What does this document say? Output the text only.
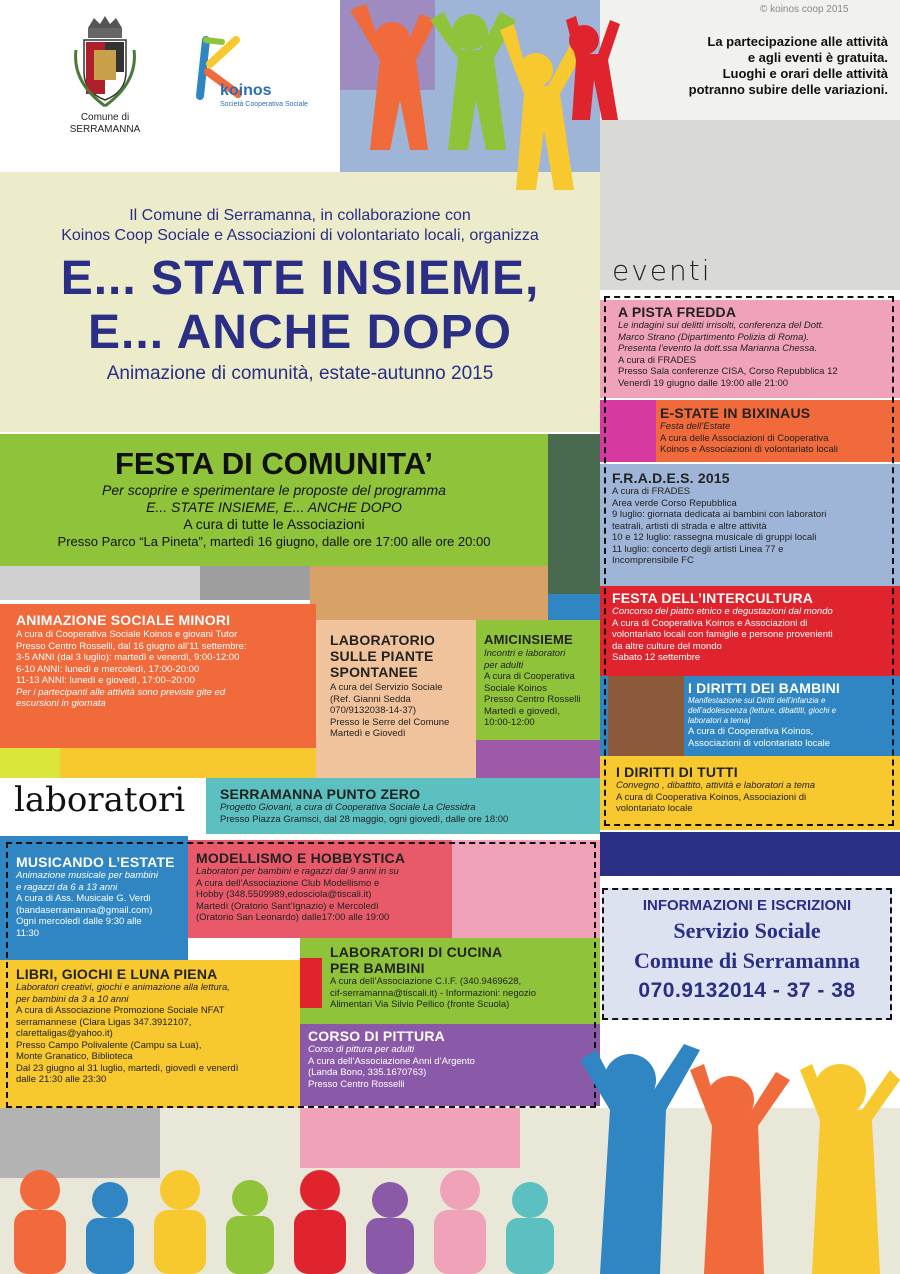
© koinos coop 2015
Comune di
SERRAMANNA
koinos
Società Cooperativa Sociale
La partecipazione alle attività
e agli eventi è gratuita.
Luoghi e orari delle attività
potranno subire delle variazioni.
Il Comune di Serramanna, in collaborazione con
Koinos Coop Sociale e Associazioni di volontariato locali, organizza
E... STATE INSIEME,
E... ANCHE DOPO
Animazione di comunità, estate-autunno 2015
FESTA DI COMUNITA’
Per scoprire e sperimentare le proposte del programma
E... STATE INSIEME, E... ANCHE DOPO
A cura di tutte le Associazioni
Presso Parco “La Pineta”, martedì 16 giugno, dalle ore 17:00 alle ore 20:00
eventi
A PISTA FREDDA
Le indagini sui delitti irrisolti, conferenza del Dott.
Marco Strano (Dipartimento Polizia di Roma).
Presenta l’evento la dott.ssa Marianna Chessa.
A cura di FRADES
Presso Sala conferenze CISA, Corso Repubblica 12
Venerdì 19 giugno dalle 19:00 alle 21:00
E-STATE IN BIXINAUS
Festa dell’Estate
A cura delle Associazioni di Cooperativa
Koinos e Associazioni di volontariato locali
F.R.A.D.E.S. 2015
A cura di FRADES
Area verde Corso Repubblica
9 luglio: giornata dedicata ai bambini con laboratori
teatrali, artisti di strada e altre attività
10 e 12 luglio: rassegna musicale di gruppi locali
11 luglio: concerto degli artisti Linea 77 e
Incomprensibile FC
FESTA DELL’INTERCULTURA
Concorso del piatto etnico e degustazioni dal mondo
A cura di Cooperativa Koinos e Associazioni di
volontariato locali con famiglie e persone provenienti
da altre culture del mondo
Sabato 12 settembre
I DIRITTI DEI BAMBINI
Manifestazione sui Diritti dell’infanzia e
dell’adolescenza (letture, dibattiti, giochi e
laboratori a tema)
A cura di Cooperativa Koinos,
Associazioni di volontariato locale
I DIRITTI DI TUTTI
Convegno , dibattito, attività e laboratori a tema
A cura di Cooperativa Koinos, Associazioni di
volontariato locale
ANIMAZIONE SOCIALE MINORI
A cura di Cooperativa Sociale Koinos e giovani Tutor
Presso Centro Rosselli, dal 16 giugno all’11 settembre:
3-5 ANNI (dal 3 luglio): martedì e venerdì, 9:00-12:00
6-10 ANNI: lunedì e mercoledì, 17:00-20:00
11-13 ANNI: lunedì e giovedì, 17:00–20:00
Per i partecipanti alle attività sono previste gite ed
escursioni in giornata
LABORATORIO
SULLE PIANTE
SPONTANEE
A cura del Servizio Sociale
(Ref. Gianni Sedda
070/9132038-14-37)
Presso le Serre del Comune
Martedì e Giovedì
AMICINSIEME
Incontri e laboratori
per adulti
A cura di Cooperativa
Sociale Koinos
Presso Centro Rosselli
Martedì e giovedì,
10:00-12:00
laboratori SERRAMANNA PUNTO ZERO
Progetto Giovani, a cura di Cooperativa Sociale La Clessidra
Presso Piazza Gramsci, dal 28 maggio, ogni giovedì, dalle ore 18:00
MUSICANDO L’ESTATE
Animazione musicale per bambini
e ragazzi da 6 a 13 anni
A cura di Ass. Musicale G. Verdi
(bandaserramanna@gmail.com)
Ogni mercoledì dalle 9:30 alle
11:30
MODELLISMO E HOBBYSTICA
Laboratori per bambini e ragazzi dai 9 anni in su
A cura dell’Associazione Club Modellismo e
Hobby (348.5509989,edosciola@tiscali.it)
Martedì (Oratorio Sant’Ignazio) e Mercoledì
(Oratorio San Leonardo) dalle17:00 alle 19:00
LABORATORI DI CUCINA
PER BAMBINI
A cura dell’Associazione C.I.F. (340.9469628,
cif-serramanna@tiscali.it) - Informazioni: negozio
Alimentari Via Silvio Pellico (fronte Scuola)
LIBRI, GIOCHI E LUNA PIENA
Laboratori creativi, giochi e animazione alla lettura,
per bambini da 3 a 10 anni
A cura di Associazione Promozione Sociale NFAT
serramannese (Clara Ligas 347.3912107,
clarettaligas@yahoo.it)
Presso Campo Polivalente (Campu sa Lua),
Monte Granatico, Biblioteca
Dal 23 giugno al 31 luglio, martedì, giovedì e venerdì
dalle 21:30 alle 23:30
CORSO DI PITTURA
Corso di pittura per adulti
A cura dell’Associazione Anni d’Argento
(Landa Bono, 335.1670763)
Presso Centro Rosselli
INFORMAZIONI E ISCRIZIONI
Servizio Sociale
Comune di Serramanna
070.9132014 - 37 - 38
